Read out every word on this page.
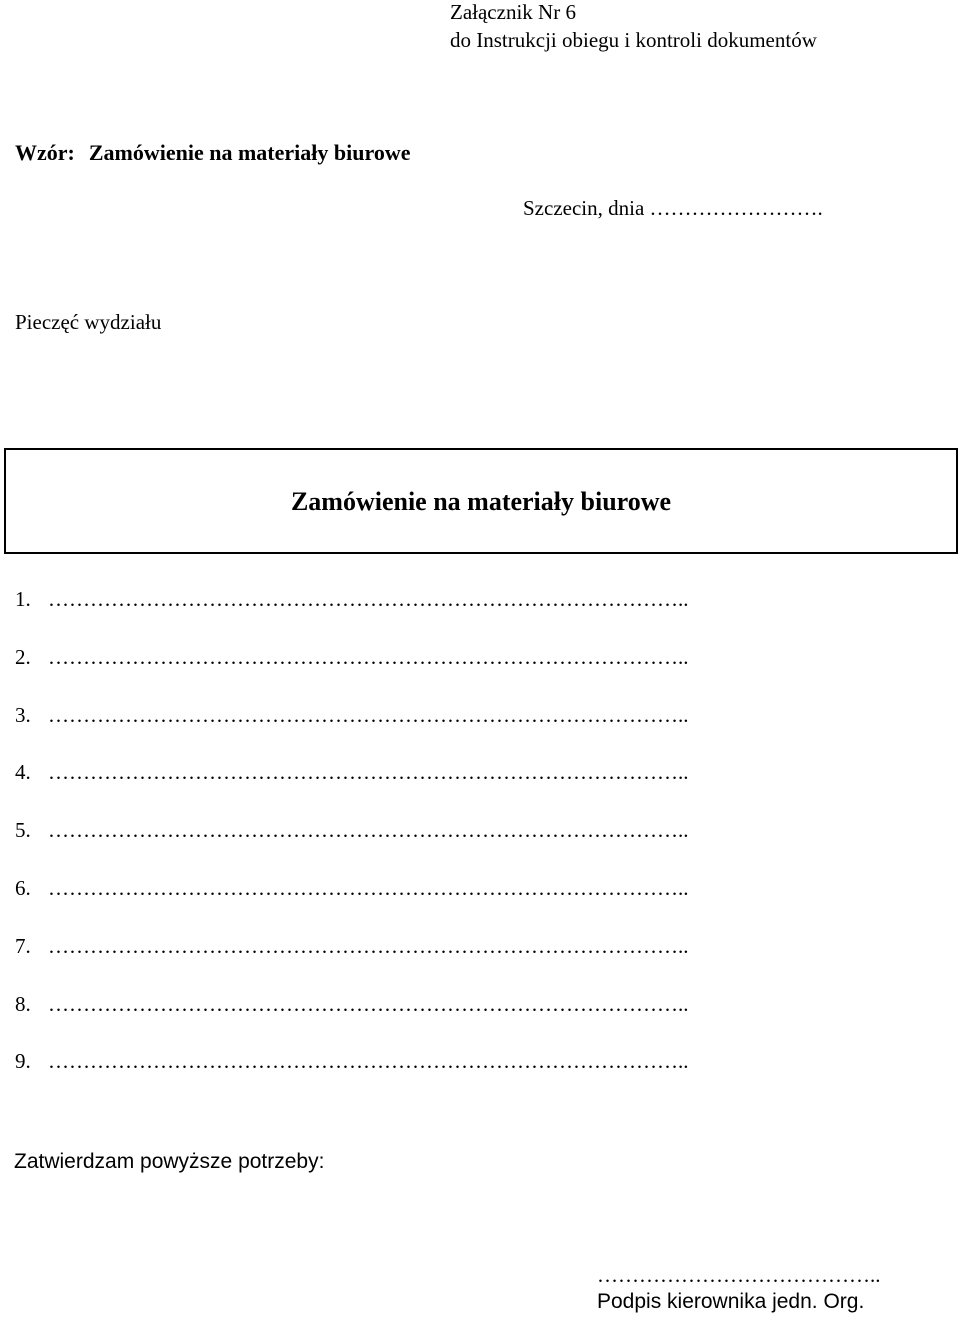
Załącznik Nr 6
do Instrukcji obiegu i kontroli dokumentów
Wzór: Zamówienie na materiały biurowe
Szczecin, dnia …………………….
Pieczęć wydziału
Zamówienie na materiały biurowe
1. ………………………………………………………………………………..
2. ………………………………………………………………………………..
3. ………………………………………………………………………………..
4. ………………………………………………………………………………..
5. ………………………………………………………………………………..
6. ………………………………………………………………………………..
7. ………………………………………………………………………………..
8. ………………………………………………………………………………..
9. ………………………………………………………………………………..
Zatwierdzam powyższe potrzeby:
…………………………………..
Podpis kierownika jedn. Org.
